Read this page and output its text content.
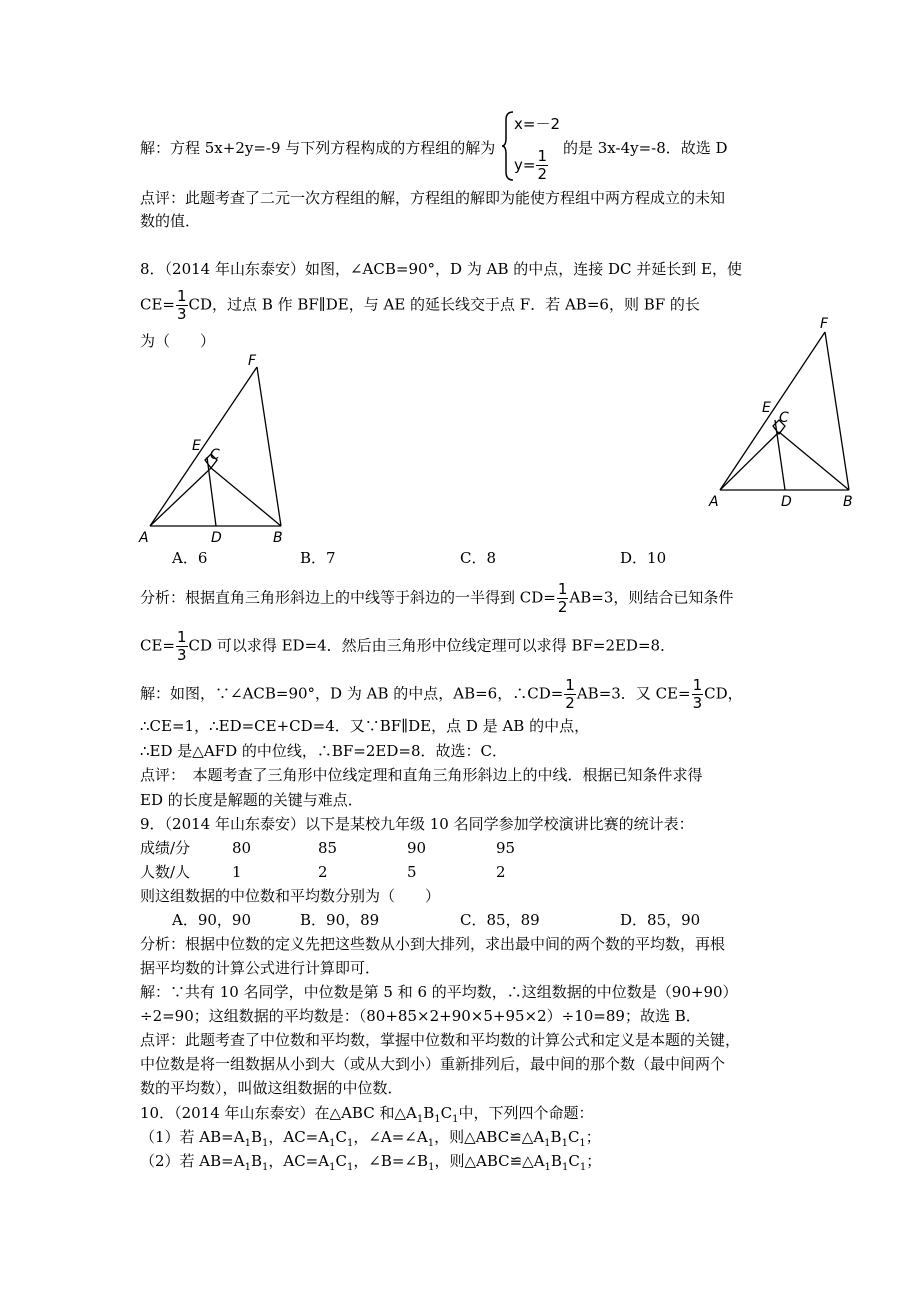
解：方程 5x+2y=-9 与下列方程构成的方程组的解为
x=－2
$y= \frac{1}{2}$ 的是 3x-4y=-8．故选 D
点评：此题考查了二元一次方程组的解，方程组的解即为能使方程组中两方程成立的未知
数的值．
8．（2014 年山东泰安）如图，∠ACB=90°，D 为 AB 的中点，连接 DC 并延长到 E，使
$CE= \frac{1}{3}$ CD，过点 B 作 BF∥DE，与 AE 的延长线交于点 F．若 AB=6，则 BF 的长
为（　　）
F
E
C
A	D	B
F
E
C
A	D	B
A．6	B．7	C．8	D．10
分析：根据直角三角形斜边上的中线等于斜边的一半得到 $CD= \frac{1}{2} AB=3$，则结合已知条件
$CE= \frac{1}{3}$ CD 可以求得 ED=4．然后由三角形中位线定理可以求得 BF=2ED=8．
解：如图，∵∠ACB=90°，D 为 AB 的中点，AB=6，∴CD= $\frac{1}{2} AB=3$．又 $CE= \frac{1}{3}$ CD，
∴CE=1，∴ED=CE+CD=4．又∵BF∥DE，点 D 是 AB 的中点，
∴ED 是△AFD 的中位线，∴BF=2ED=8．故选：C．
点评：　本题考查了三角形中位线定理和直角三角形斜边上的中线．根据已知条件求得
ED 的长度是解题的关键与难点．
9．（2014 年山东泰安）以下是某校九年级 10 名同学参加学校演讲比赛的统计表：
成绩/分	80	85	90	95
人数/人	1	2	5	2
则这组数据的中位数和平均数分别为（　　）
A．90，90	B．90，89	C．85，89	D．85，90
分析：根据中位数的定义先把这些数从小到大排列，求出最中间的两个数的平均数，再根
据平均数的计算公式进行计算即可．
解：∵共有 10 名同学，中位数是第 5 和 6 的平均数，∴这组数据的中位数是（90+90）
÷2=90；这组数据的平均数是：（80+85×2+90×5+95×2）÷10=89；故选 B．
点评：此题考查了中位数和平均数，掌握中位数和平均数的计算公式和定义是本题的关键，
中位数是将一组数据从小到大（或从大到小）重新排列后，最中间的那个数（最中间两个
数的平均数），叫做这组数据的中位数．
10．（2014 年山东泰安）在△ABC 和$\triangle A_1B_1C_1$中，下列四个命题：
（1）若 $AB=A_1B_1$，$AC=A_1C_1$，$\angle A=\angle A_1$，则$\triangle ABC≌\triangle A_1B_1C_1$；
（2）若 $AB=A_1B_1$，$AC=A_1C_1$，$\angle B=\angle B_1$，则$\triangle ABC≌\triangle A_1B_1C_1$；
